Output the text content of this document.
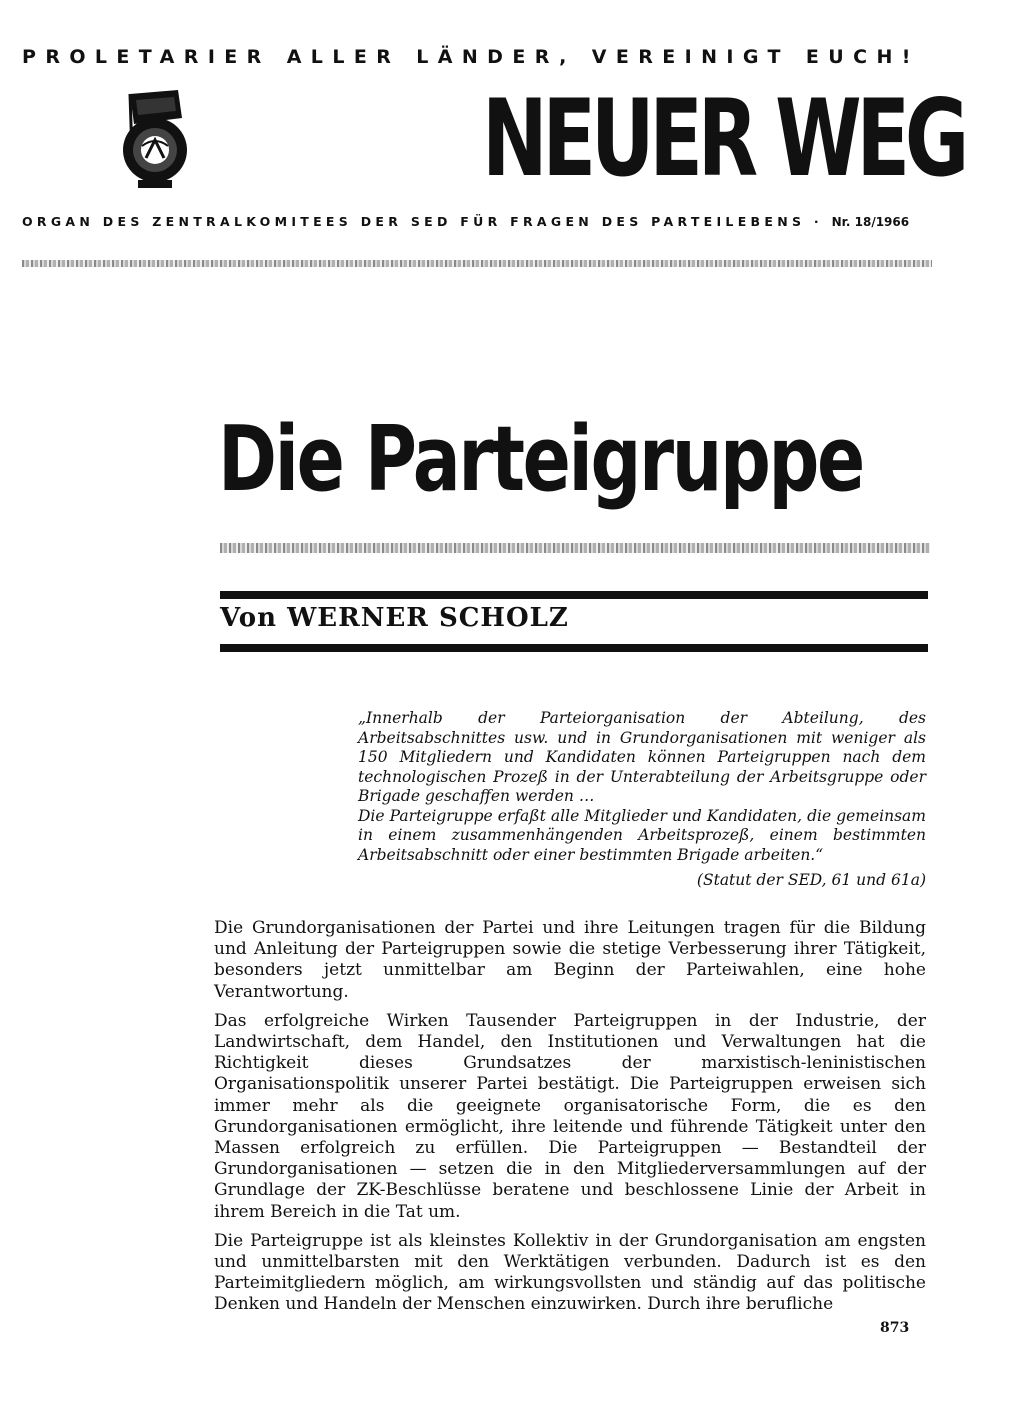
PROLETARIER ALLER LÄNDER, VEREINIGT EUCH!
NEUER WEG
ORGAN DES ZENTRALKOMITEES DER SED FÜR FRAGEN DES PARTEILEBENS · Nr. 18/1966
Die Parteigruppe
Von WERNER SCHOLZ

„Innerhalb der Parteiorganisation der Abteilung, des Arbeitsabschnittes usw. und in Grundorganisationen mit weniger als 150 Mitgliedern und Kandidaten können Parteigruppen nach dem technologischen Prozeß in der Unterabteilung der Arbeitsgruppe oder Brigade geschaffen werden …

Die Parteigruppe erfaßt alle Mitglieder und Kandidaten, die gemeinsam in einem zusammenhängenden Arbeitsprozeß, einem bestimmten Arbeitsabschnitt oder einer bestimmten Brigade arbeiten.“

(Statut der SED, 61 und 61a)

Die Grundorganisationen der Partei und ihre Leitungen tragen für die Bildung und Anleitung der Parteigruppen sowie die stetige Verbesserung ihrer Tätigkeit, besonders jetzt unmittelbar am Beginn der Parteiwahlen, eine hohe Verantwortung.

Das erfolgreiche Wirken Tausender Parteigruppen in der Industrie, der Landwirtschaft, dem Handel, den Institutionen und Verwaltungen hat die Richtigkeit dieses Grundsatzes der marxistisch-leninistischen Organisationspolitik unserer Partei bestätigt. Die Parteigruppen erweisen sich immer mehr als die geeignete organisatorische Form, die es den Grundorganisationen ermöglicht, ihre leitende und führende Tätigkeit unter den Massen erfolgreich zu erfüllen. Die Parteigruppen — Bestandteil der Grundorganisationen — setzen die in den Mitgliederversammlungen auf der Grundlage der ZK-Beschlüsse beratene und beschlossene Linie der Arbeit in ihrem Bereich in die Tat um.

Die Parteigruppe ist als kleinstes Kollektiv in der Grundorganisation am engsten und unmittelbarsten mit den Werktätigen verbunden. Dadurch ist es den Parteimitgliedern möglich, am wirkungsvollsten und ständig auf das politische Denken und Handeln der Menschen einzuwirken. Durch ihre berufliche

873
